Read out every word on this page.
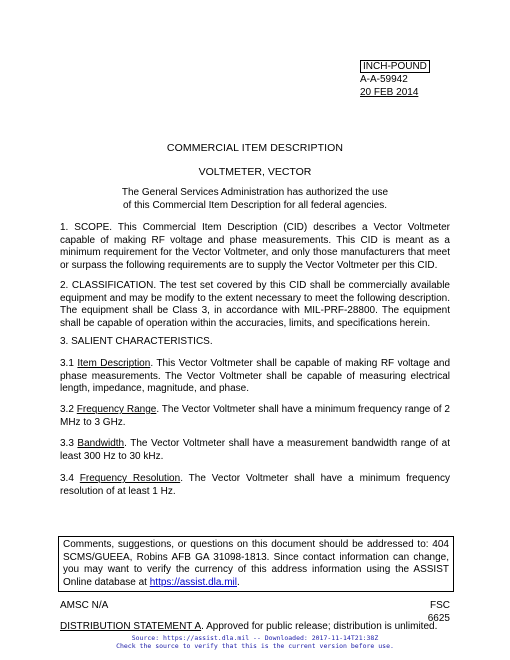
INCH-POUND
A-A-59942
20 FEB 2014
COMMERCIAL ITEM DESCRIPTION
VOLTMETER, VECTOR
The General Services Administration has authorized the use of this Commercial Item Description for all federal agencies.
1. SCOPE. This Commercial Item Description (CID) describes a Vector Voltmeter capable of making RF voltage and phase measurements. This CID is meant as a minimum requirement for the Vector Voltmeter, and only those manufacturers that meet or surpass the following requirements are to supply the Vector Voltmeter per this CID.
2. CLASSIFICATION. The test set covered by this CID shall be commercially available equipment and may be modify to the extent necessary to meet the following description. The equipment shall be Class 3, in accordance with MIL-PRF-28800. The equipment shall be capable of operation within the accuracies, limits, and specifications herein.
3. SALIENT CHARACTERISTICS.
3.1 Item Description. This Vector Voltmeter shall be capable of making RF voltage and phase measurements. The Vector Voltmeter shall be capable of measuring electrical length, impedance, magnitude, and phase.
3.2 Frequency Range. The Vector Voltmeter shall have a minimum frequency range of 2 MHz to 3 GHz.
3.3 Bandwidth. The Vector Voltmeter shall have a measurement bandwidth range of at least 300 Hz to 30 kHz.
3.4 Frequency Resolution. The Vector Voltmeter shall have a minimum frequency resolution of at least 1 Hz.
Comments, suggestions, or questions on this document should be addressed to: 404 SCMS/GUEEA, Robins AFB GA 31098-1813. Since contact information can change, you may want to verify the currency of this address information using the ASSIST Online database at https://assist.dla.mil.
AMSC N/A	FSC 6625
DISTRIBUTION STATEMENT A. Approved for public release; distribution is unlimited.
Source: https://assist.dla.mil -- Downloaded: 2017-11-14T21:38Z
Check the source to verify that this is the current version before use.
